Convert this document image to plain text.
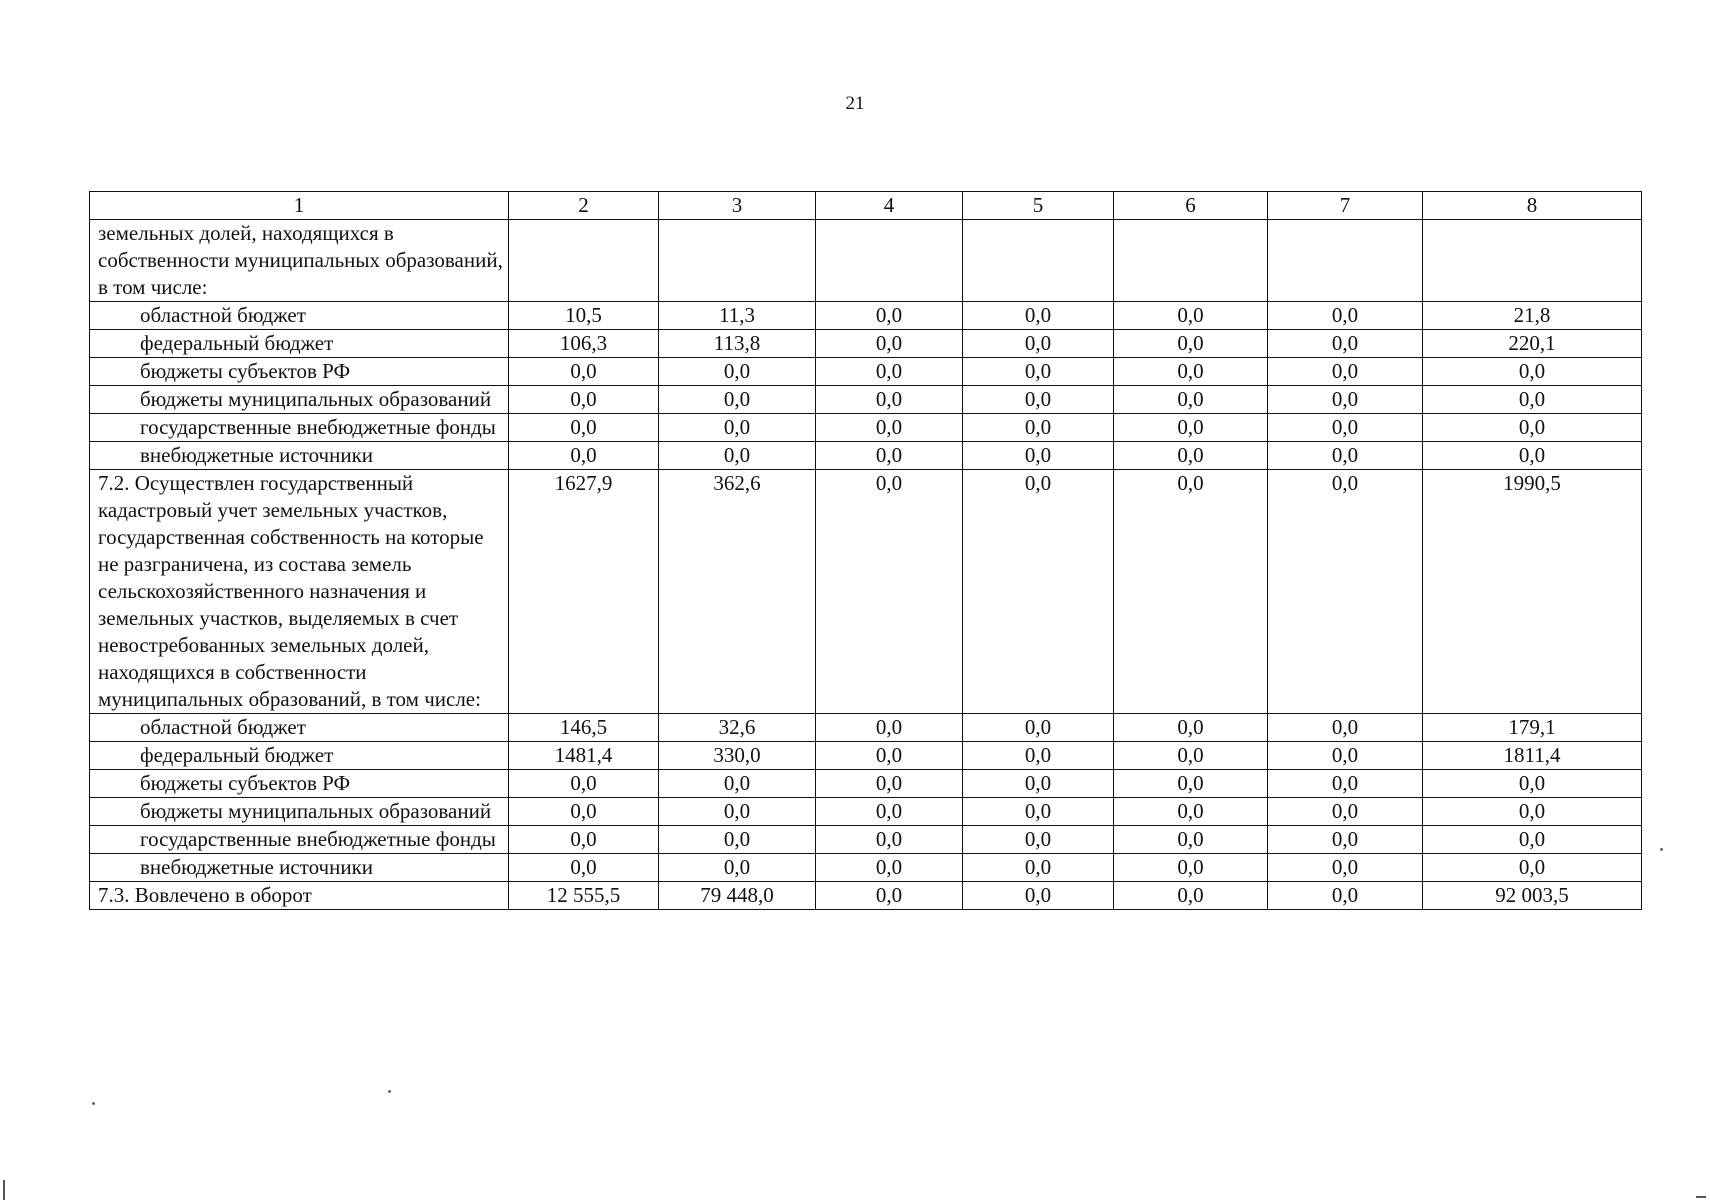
21
1	2	3	4	5	6	7	8
земельных долей, находящихся в собственности муниципальных образований, в том числе:							
областной бюджет	10,5	11,3	0,0	0,0	0,0	0,0	21,8
федеральный бюджет	106,3	113,8	0,0	0,0	0,0	0,0	220,1
бюджеты субъектов РФ	0,0	0,0	0,0	0,0	0,0	0,0	0,0
бюджеты муниципальных образований	0,0	0,0	0,0	0,0	0,0	0,0	0,0
государственные внебюджетные фонды	0,0	0,0	0,0	0,0	0,0	0,0	0,0
внебюджетные источники	0,0	0,0	0,0	0,0	0,0	0,0	0,0
7.2. Осуществлен государственный кадастровый учет земельных участков, государственная собственность на которые не разграничена, из состава земель сельскохозяйственного назначения и земельных участков, выделяемых в счет невостребованных земельных долей, находящихся в собственности муниципальных образований, в том числе:	1627,9	362,6	0,0	0,0	0,0	0,0	1990,5
областной бюджет	146,5	32,6	0,0	0,0	0,0	0,0	179,1
федеральный бюджет	1481,4	330,0	0,0	0,0	0,0	0,0	1811,4
бюджеты субъектов РФ	0,0	0,0	0,0	0,0	0,0	0,0	0,0
бюджеты муниципальных образований	0,0	0,0	0,0	0,0	0,0	0,0	0,0
государственные внебюджетные фонды	0,0	0,0	0,0	0,0	0,0	0,0	0,0
внебюджетные источники	0,0	0,0	0,0	0,0	0,0	0,0	0,0
7.3. Вовлечено в оборот	12 555,5	79 448,0	0,0	0,0	0,0	0,0	92 003,5
